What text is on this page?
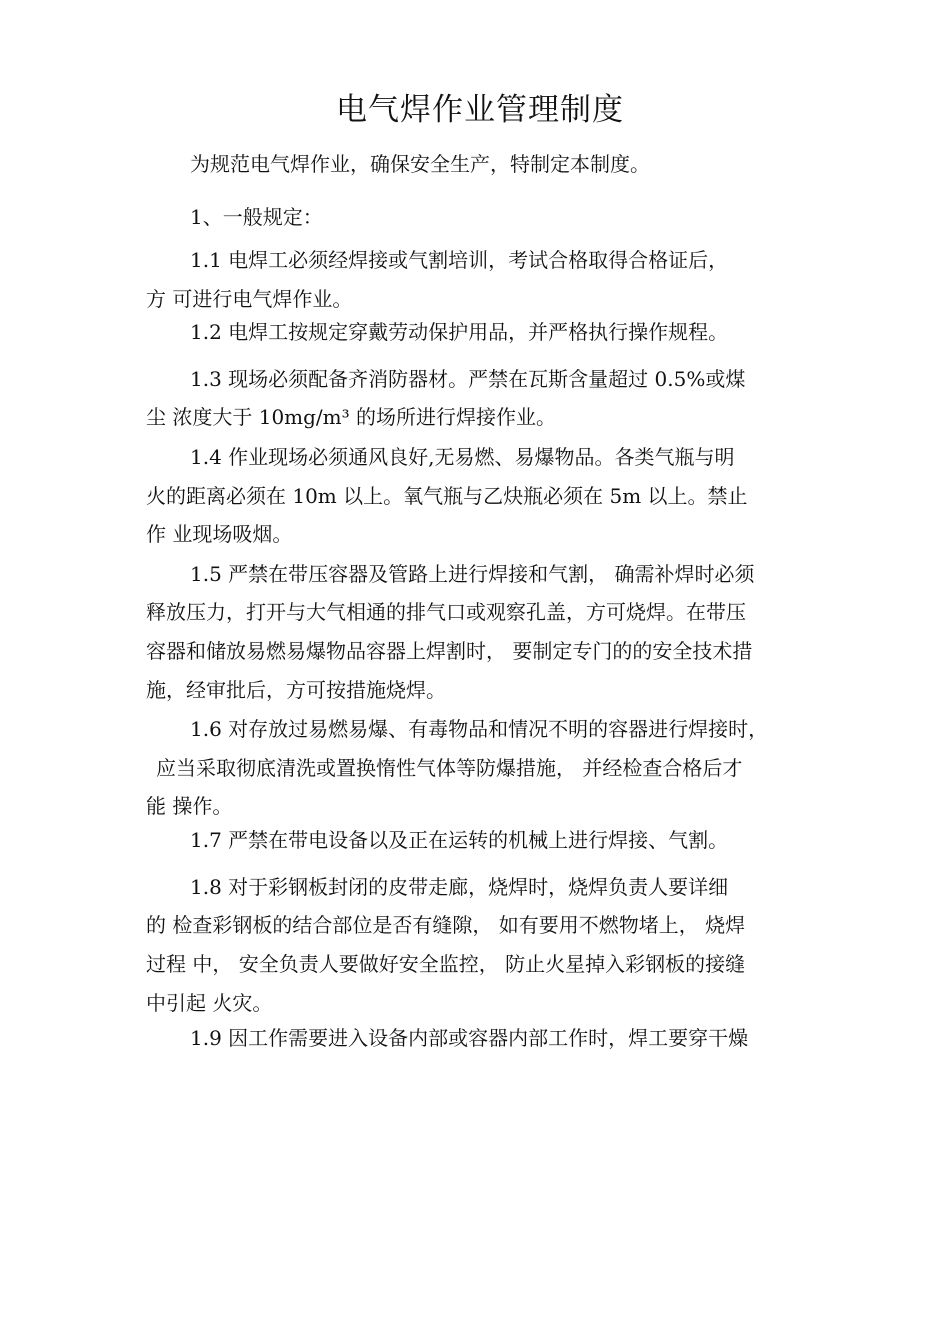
电气焊作业管理制度
为规范电气焊作业，确保安全生产，特制定本制度。
1、一般规定：
1.1 电焊工必须经焊接或气割培训，考试合格取得合格证后，
方 可进行电气焊作业。
1.2 电焊工按规定穿戴劳动保护用品，并严格执行操作规程。
1.3 现场必须配备齐消防器材。严禁在瓦斯含量超过 0.5%或煤
尘 浓度大于 10mg/m³ 的场所进行焊接作业。
1.4 作业现场必须通风良好,无易燃、易爆物品。各类气瓶与明
火的距离必须在 10m 以上。氧气瓶与乙炔瓶必须在 5m 以上。禁止
作 业现场吸烟。
1.5 严禁在带压容器及管路上进行焊接和气割， 确需补焊时必须
释放压力，打开与大气相通的排气口或观察孔盖，方可烧焊。在带压
容器和储放易燃易爆物品容器上焊割时， 要制定专门的的安全技术措
施，经审批后，方可按措施烧焊。
1.6 对存放过易燃易爆、有毒物品和情况不明的容器进行焊接时，
应当采取彻底清洗或置换惰性气体等防爆措施， 并经检查合格后才
能 操作。
1.7 严禁在带电设备以及正在运转的机械上进行焊接、气割。
1.8 对于彩钢板封闭的皮带走廊，烧焊时，烧焊负责人要详细
的 检查彩钢板的结合部位是否有缝隙， 如有要用不燃物堵上， 烧焊
过程 中， 安全负责人要做好安全监控， 防止火星掉入彩钢板的接缝
中引起 火灾。
1.9 因工作需要进入设备内部或容器内部工作时，焊工要穿干燥
